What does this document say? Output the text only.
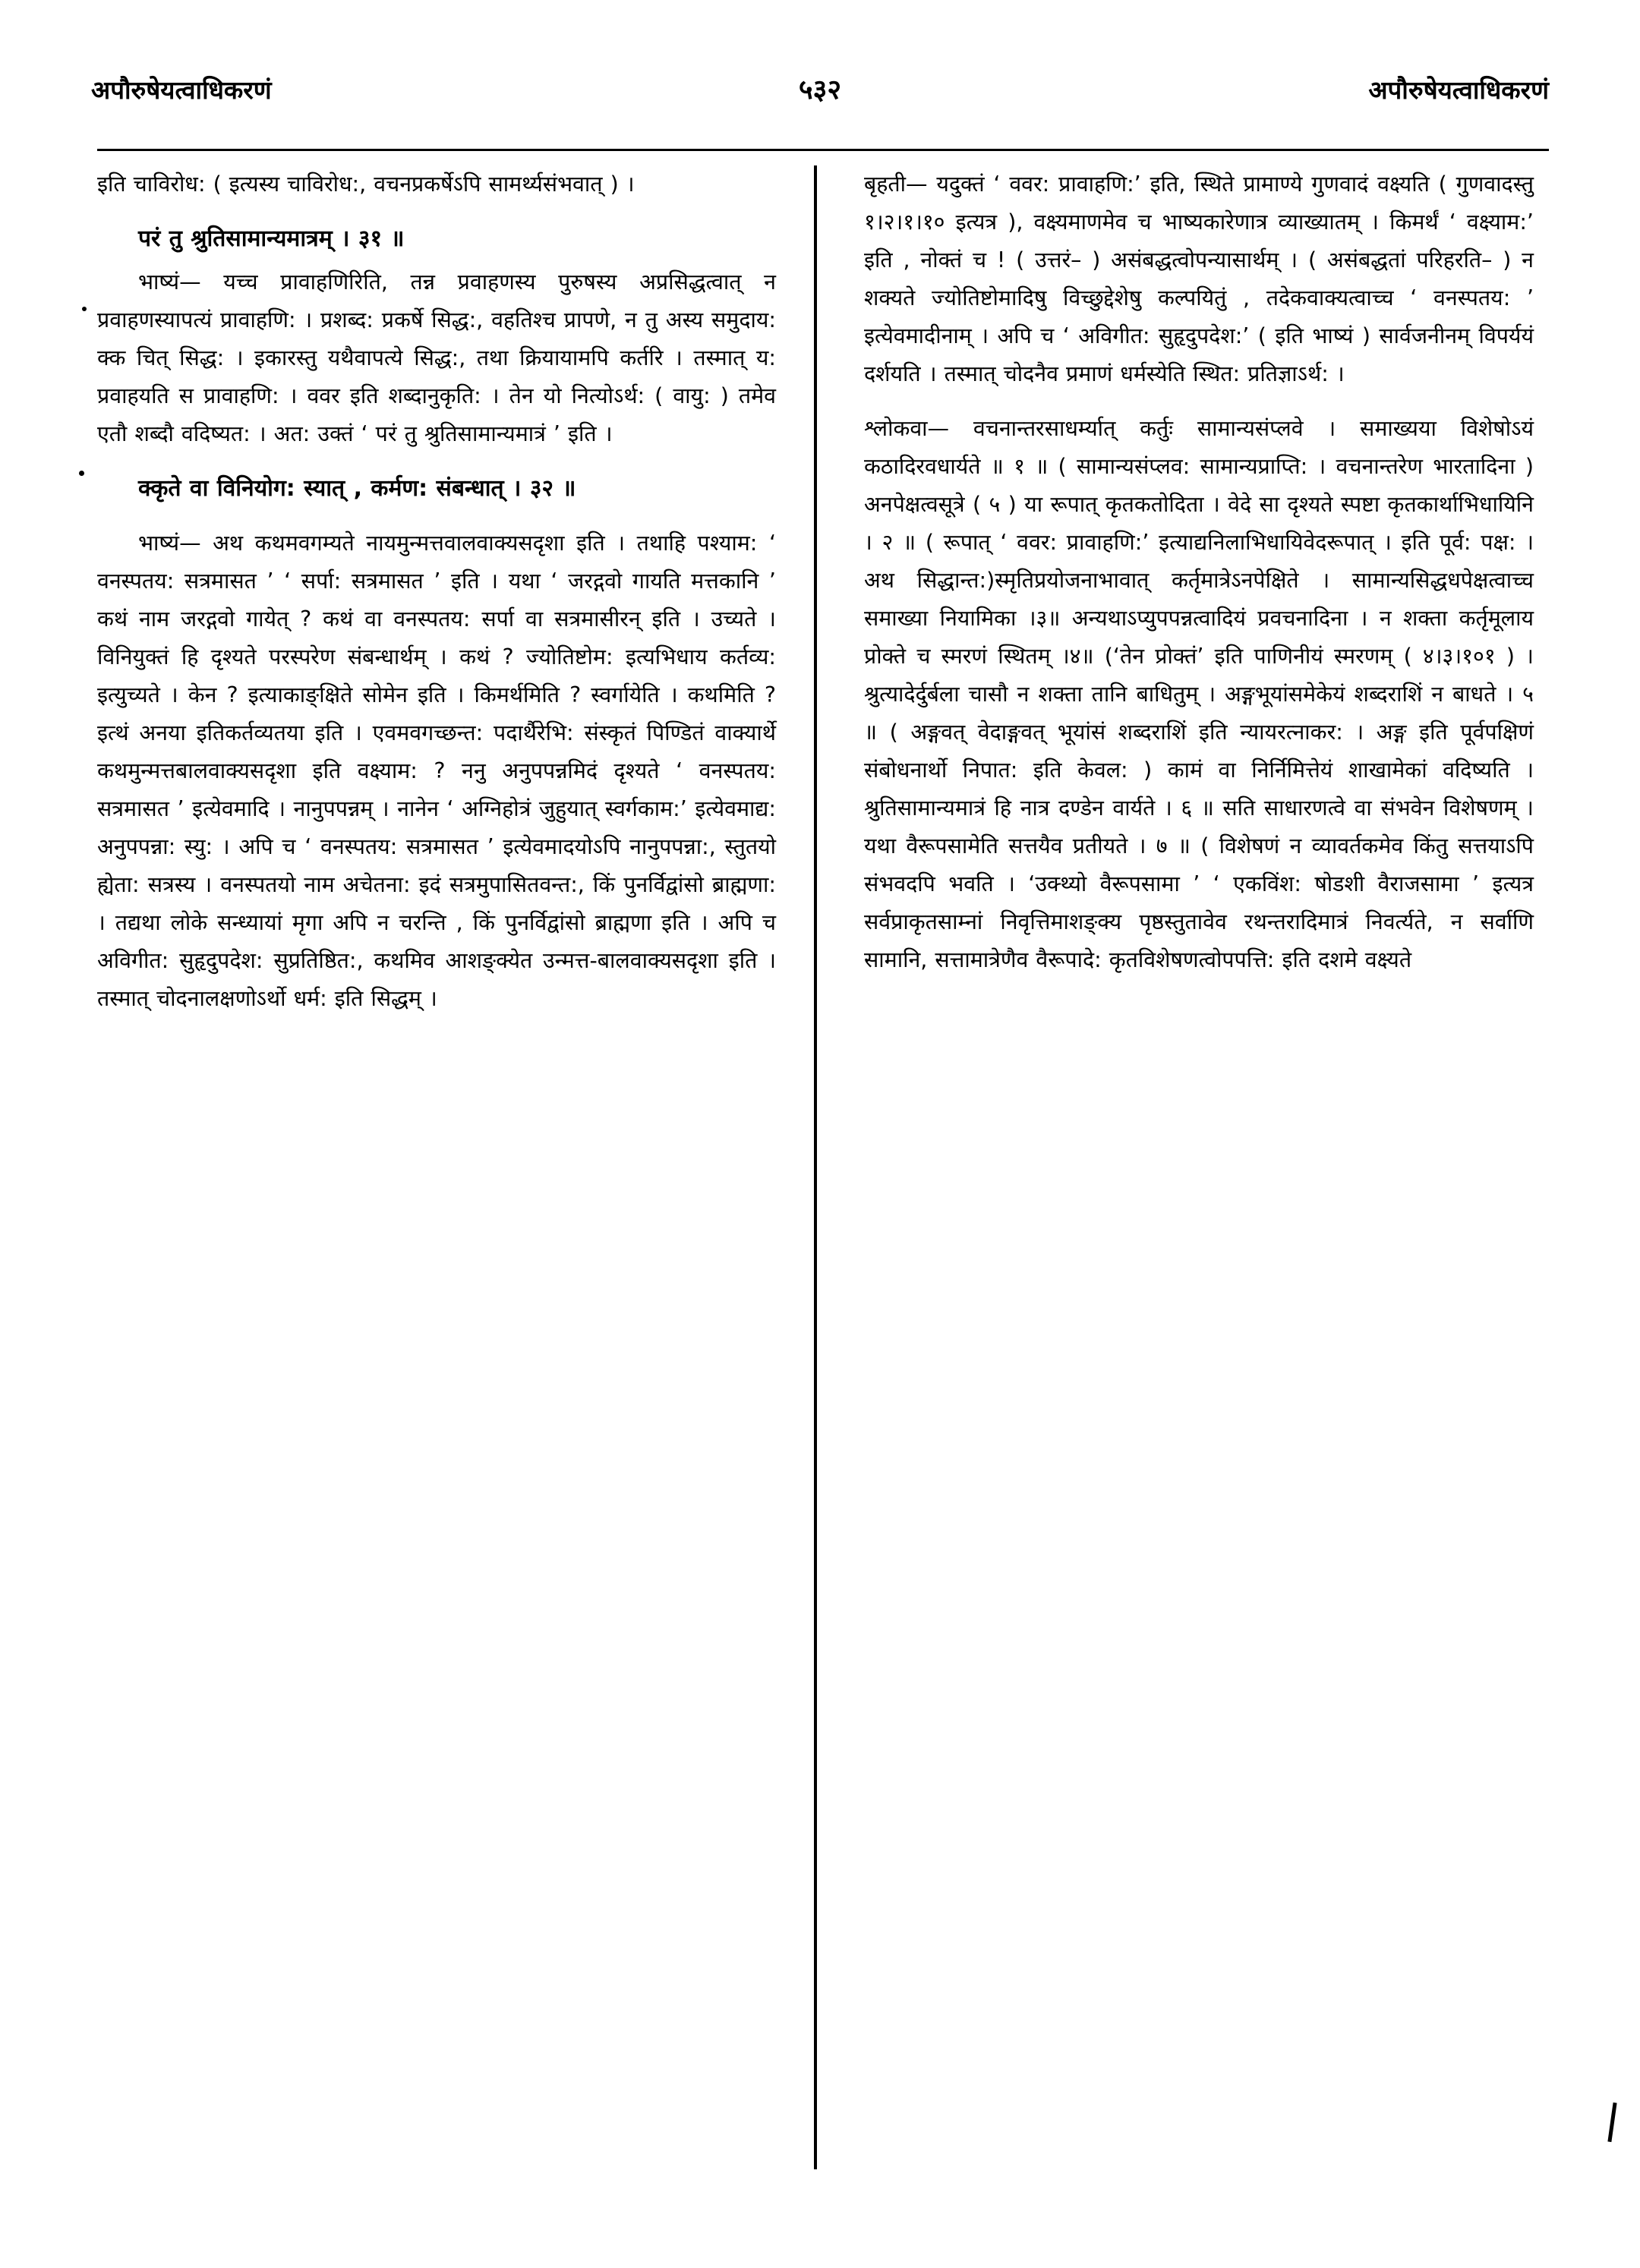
अपौरुषेयत्वाधिकरणं	५३२	अपौरुषेयत्वाधिकरणं

इति चाविरोध: ( इत्यस्य चाविरोध:, वचनप्रकर्षेऽपि सामर्थ्यसंभवात् ) ।

परं तु श्रुतिसामान्यमात्रम् । ३१ ॥

भाष्यं— यच्च प्रावाहणिरिति, तन्न प्रवाहणस्य पुरुषस्य अप्रसिद्धत्वात् न प्रवाहणस्यापत्यं प्रावाहणि: । प्रशब्द: प्रकर्षे सिद्ध:, वहतिश्च प्रापणे, न तु अस्य समुदाय: क्क चित् सिद्ध: । इकारस्तु यथैवापत्ये सिद्ध:, तथा क्रियायामपि कर्तरि । तस्मात् य: प्रवाहयति स प्रावाहणि: । ववर इति शब्दानुकृति: । तेन यो नित्योऽर्थ: ( वायु: ) तमेव एतौ शब्दौ वदिष्यत: । अत: उक्तं ‘ परं तु श्रुतिसामान्यमात्रं ’ इति ।

क्कृते वा विनियोग: स्यात् , कर्मण: संबन्धात् । ३२ ॥

भाष्यं— अथ कथमवगम्यते नायमुन्मत्तवालवाक्यसदृशा इति । तथाहि पश्याम: ‘ वनस्पतय: सत्रमासत ’ ‘ सर्पा: सत्रमासत ’ इति । यथा ‘ जरद्गवो गायति मत्तकानि ’ कथं नाम जरद्गवो गायेत् ? कथं वा वनस्पतय: सर्पा वा सत्रमासीरन् इति । उच्यते । विनियुक्तं हि दृश्यते परस्परेण संबन्धार्थम् । कथं ? ज्योतिष्टोम: इत्यभिधाय कर्तव्य: इत्युच्यते । केन ? इत्याकाङ्क्षिते सोमेन इति । किमर्थमिति ? स्वर्गायेति । कथमिति ? इत्थं अनया इतिकर्तव्यतया इति । एवमवगच्छन्त: पदार्थैरेभि: संस्कृतं पिण्डितं वाक्यार्थे कथमुन्मत्तबालवाक्यसदृशा इति वक्ष्याम: ? ननु अनुपपन्नमिदं दृश्यते ‘ वनस्पतय: सत्रमासत ’ इत्येवमादि । नानुपपन्नम् । नानेन ‘ अग्निहोत्रं जुहुयात् स्वर्गकाम:’ इत्येवमाद्य: अनुपपन्ना: स्यु: । अपि च ‘ वनस्पतय: सत्रमासत ’ इत्येवमादयोऽपि नानुपपन्ना:, स्तुतयो ह्येता: सत्रस्य । वनस्पतयो नाम अचेतना: इदं सत्रमुपासितवन्त:, किं पुनर्विद्वांसो ब्राह्मणा: । तद्यथा लोके सन्ध्यायां मृगा अपि न चरन्ति , किं पुनर्विद्वांसो ब्राह्मणा इति । अपि च अविगीत: सुहृदुपदेश: सुप्रतिष्ठित:, कथमिव आशङ्क्येत उन्मत्त-बालवाक्यसदृशा इति । तस्मात् चोदनालक्षणोऽर्थो धर्म: इति सिद्धम् ।

बृहती— यदुक्तं ‘ ववर: प्रावाहणि:’ इति, स्थिते प्रामाण्ये गुणवादं वक्ष्यति ( गुणवादस्तु १।२।१।१० इत्यत्र ), वक्ष्यमाणमेव च भाष्यकारेणात्र व्याख्यातम् । किमर्थं ‘ वक्ष्याम:’ इति , नोक्तं च ! ( उत्तरं– ) असंबद्धत्वोपन्यासार्थम् । ( असंबद्धतां परिहरति– ) न शक्यते ज्योतिष्टोमादिषु विच्छुद्देशेषु कल्पयितुं , तदेकवाक्यत्वाच्च ‘ वनस्पतय: ’ इत्येवमादीनाम् । अपि च ‘ अविगीत: सुहृदुपदेश:’ ( इति भाष्यं ) सार्वजनीनम् विपर्ययं दर्शयति । तस्मात् चोदनैव प्रमाणं धर्मस्येति स्थित: प्रतिज्ञाऽर्थ: ।

श्लोकवा— वचनान्तरसाधर्म्यात् कर्तुः सामान्यसंप्लवे । समाख्यया विशेषोऽयं कठादिरवधार्यते ॥ १ ॥ ( सामान्यसंप्लव: सामान्यप्राप्ति: । वचनान्तरेण भारतादिना ) अनपेक्षत्वसूत्रे ( ५ ) या रूपात् कृतकतोदिता । वेदे सा दृश्यते स्पष्टा कृतकार्थाभिधायिनि । २ ॥ ( रूपात् ‘ ववर: प्रावाहणि:’ इत्याद्यनिलाभिधायिवेदरूपात् । इति पूर्व: पक्ष: । अथ सिद्धान्त:)स्मृतिप्रयोजनाभावात् कर्तृमात्रेऽनपेक्षिते । सामान्यसिद्धधपेक्षत्वाच्च समाख्या नियामिका ।३॥ अन्यथाऽप्युपपन्नत्वादियं प्रवचनादिना । न शक्ता कर्तृमूलाय प्रोक्ते च स्मरणं स्थितम् ।४॥ (‘तेन प्रोक्तं’ इति पाणिनीयं स्मरणम् ( ४।३।१०१ ) । श्रुत्यादेर्दुर्बला चासौ न शक्ता तानि बाधितुम् । अङ्गभूयांसमेकेयं शब्दराशिं न बाधते । ५ ॥ ( अङ्गवत् वेदाङ्गवत् भूयांसं शब्दराशिं इति न्यायरत्नाकर: । अङ्ग इति पूर्वपक्षिणं संबोधनार्थो निपात: इति केवल: ) कामं वा निर्निमित्तेयं शाखामेकां वदिष्यति । श्रुतिसामान्यमात्रं हि नात्र दण्डेन वार्यते । ६ ॥ सति साधारणत्वे वा संभवेन विशेषणम् । यथा वैरूपसामेति सत्तयैव प्रतीयते । ७ ॥ ( विशेषणं न व्यावर्तकमेव किंतु सत्तयाऽपि संभवदपि भवति । ‘उक्थ्यो वैरूपसामा ’ ‘ एकविंश: षोडशी वैराजसामा ’ इत्यत्र सर्वप्राकृतसाम्नां निवृत्तिमाशङ्क्य पृष्ठस्तुतावेव रथन्तरादिमात्रं निवर्त्यते, न सर्वाणि सामानि, सत्तामात्रेणैव वैरूपादे: कृतविशेषणत्वोपपत्ति: इति दशमे वक्ष्यते
